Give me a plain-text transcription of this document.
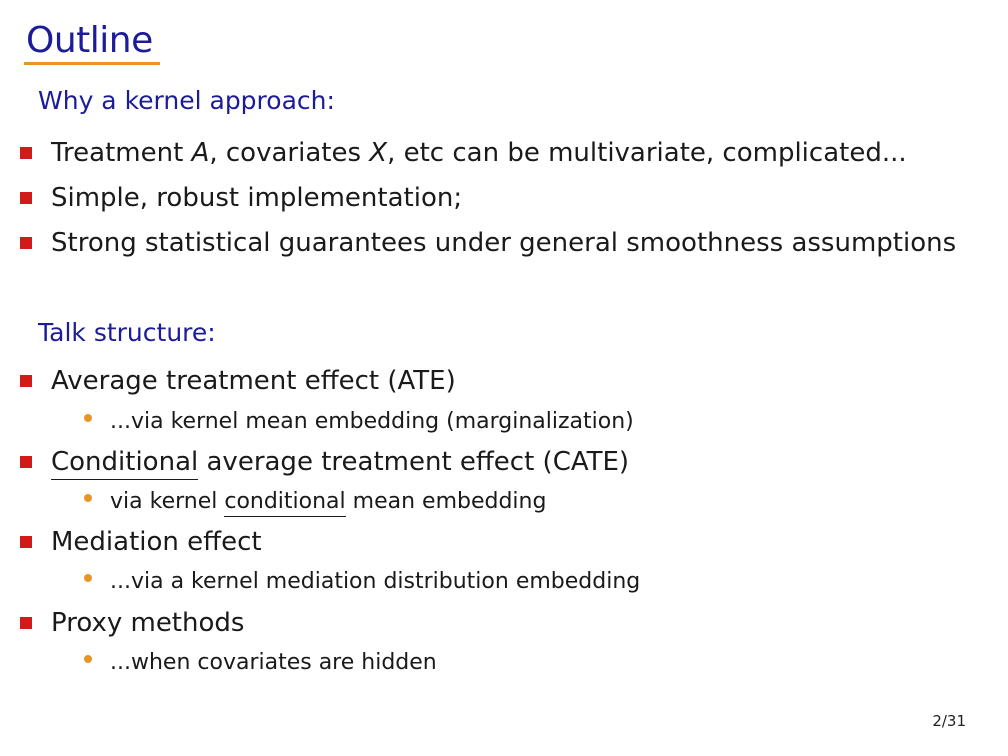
Outline
Why a kernel approach:
Treatment A, covariates X, etc can be multivariate, complicated...
Simple, robust implementation;
Strong statistical guarantees under general smoothness assumptions
Talk structure:
Average treatment effect (ATE)
...via kernel mean embedding (marginalization)
Conditional average treatment effect (CATE)
via kernel conditional mean embedding
Mediation effect
...via a kernel mediation distribution embedding
Proxy methods
...when covariates are hidden
2/31
